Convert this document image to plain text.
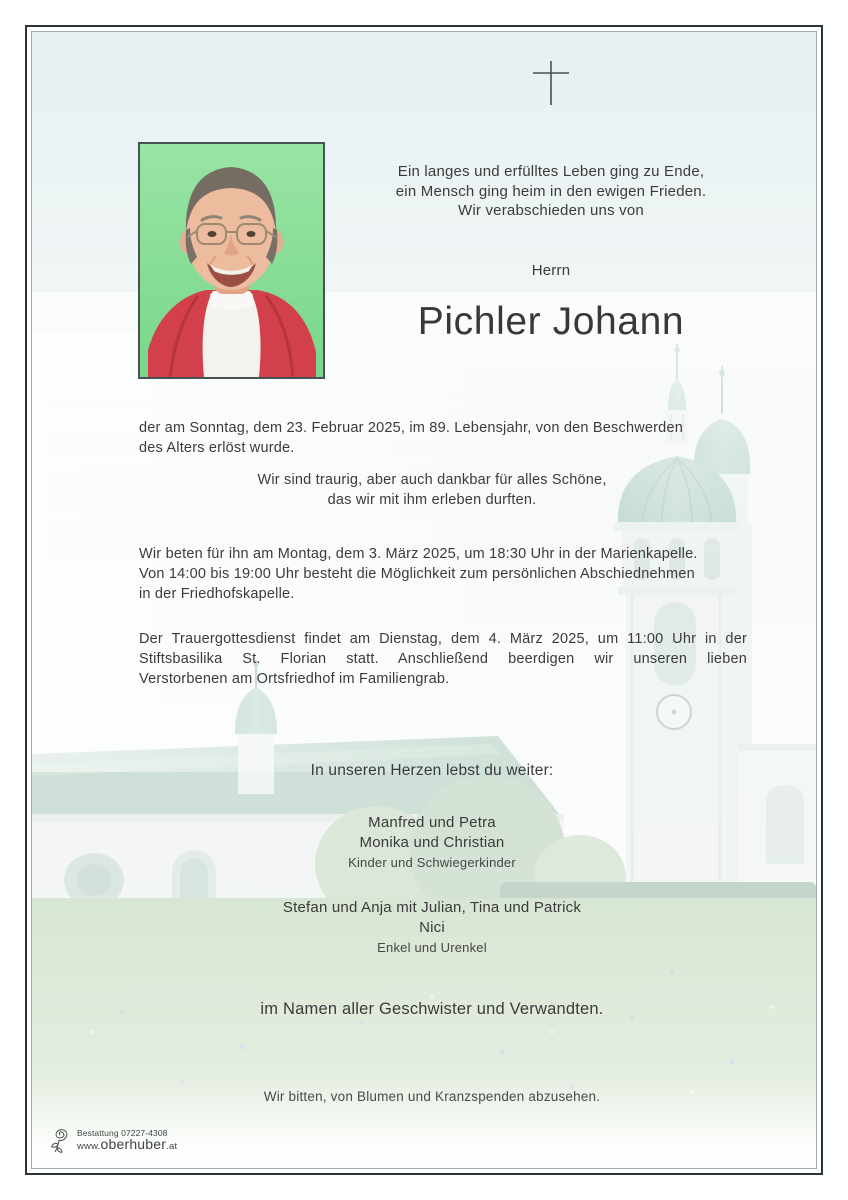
Ein langes und erfülltes Leben ging zu Ende,
ein Mensch ging heim in den ewigen Frieden.
Wir verabschieden uns von
Herrn
Pichler Johann
der am Sonntag, dem 23. Februar 2025, im 89. Lebensjahr, von den Beschwerden
des Alters erlöst wurde.
Wir sind traurig, aber auch dankbar für alles Schöne,
das wir mit ihm erleben durften.
Wir beten für ihn am Montag, dem 3. März 2025, um 18:30 Uhr in der Marienkapelle.
Von 14:00 bis 19:00 Uhr besteht die Möglichkeit zum persönlichen Abschiednehmen
in der Friedhofskapelle.
Der Trauergottesdienst findet am Dienstag, dem 4. März 2025, um 11:00 Uhr in der
Stiftsbasilika St. Florian statt. Anschließend beerdigen wir unseren lieben
Verstorbenen am Ortsfriedhof im Familiengrab.
In unseren Herzen lebst du weiter:
Manfred und Petra
Monika und Christian
Kinder und Schwiegerkinder
Stefan und Anja mit Julian, Tina und Patrick
Nici
Enkel und Urenkel
im Namen aller Geschwister und Verwandten.
Wir bitten, von Blumen und Kranzspenden abzusehen.
Bestattung 07227-4308
www.oberhuber.at
